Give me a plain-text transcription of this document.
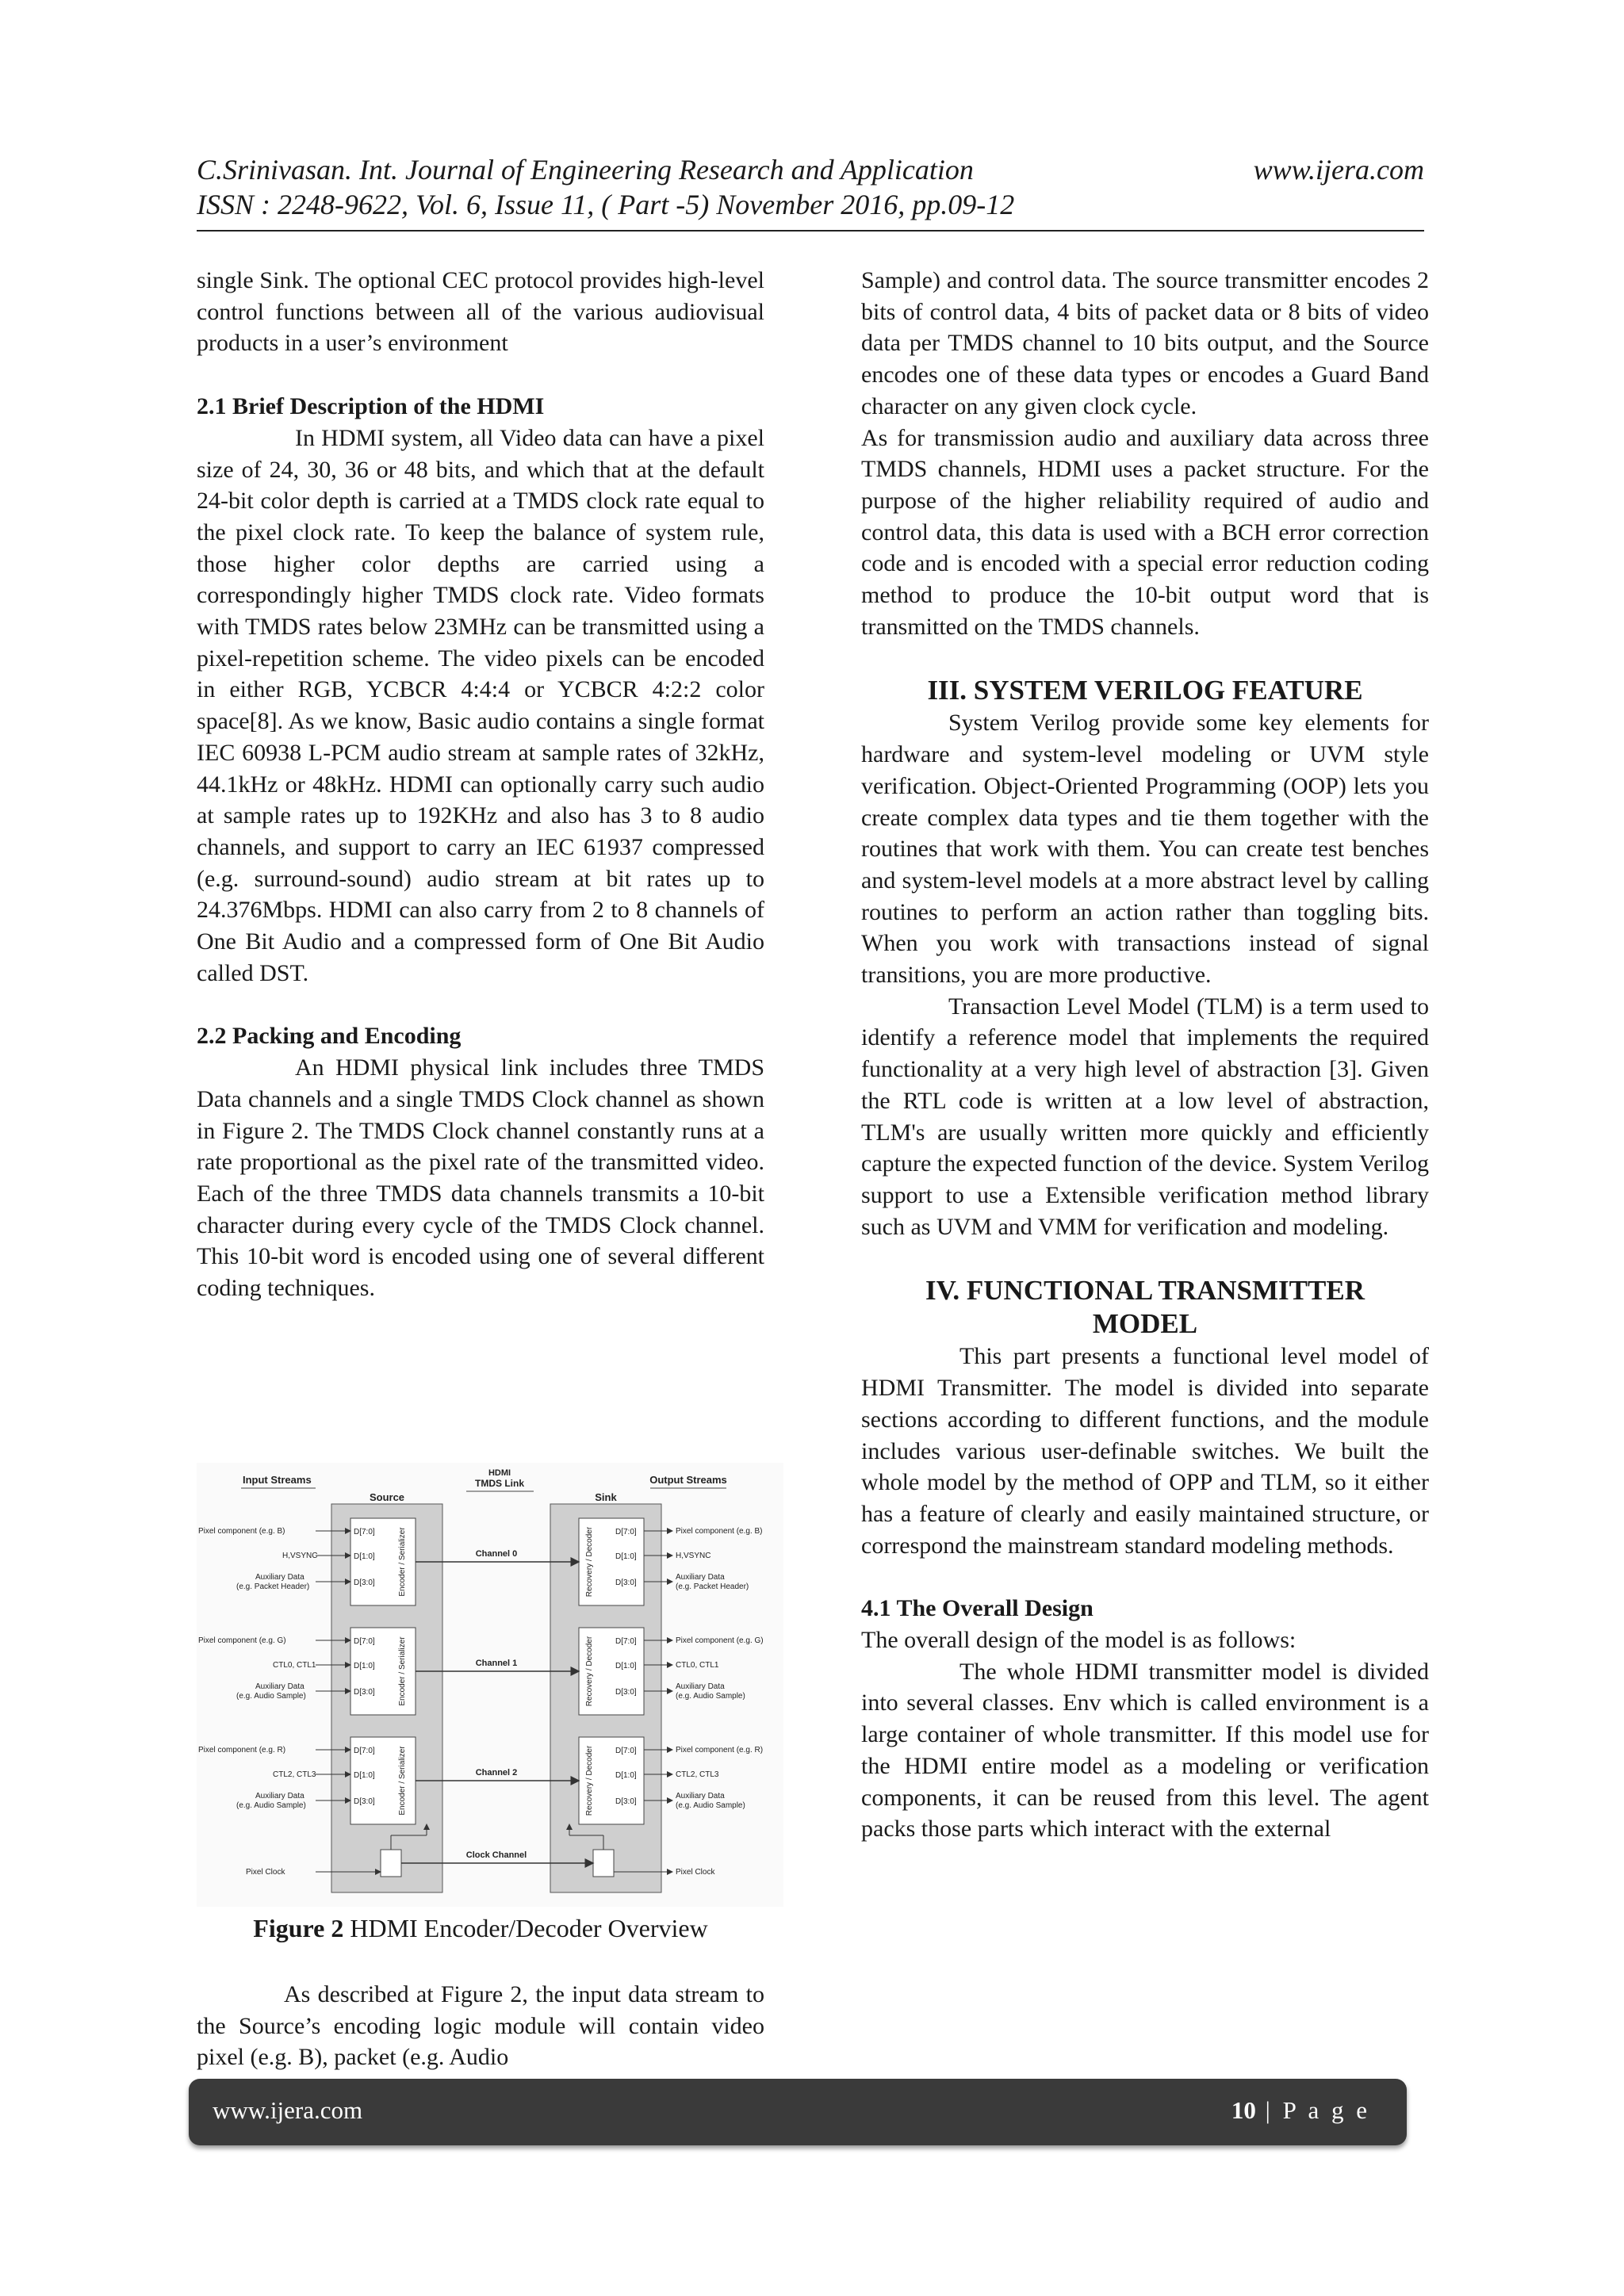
C.Srinivasan. Int. Journal of Engineering Research and Application	www.ijera.com
ISSN : 2248-9622, Vol. 6, Issue 11, ( Part -5) November 2016, pp.09-12

single Sink. The optional CEC protocol provides high-level control functions between all of the various audiovisual products in a user’s environment

2.1 Brief Description of the HDMI

In HDMI system, all Video data can have a pixel size of 24, 30, 36 or 48 bits, and which that at the default 24-bit color depth is carried at a TMDS clock rate equal to the pixel clock rate. To keep the balance of system rule, those higher color depths are carried using a correspondingly higher TMDS clock rate. Video formats with TMDS rates below 23MHz can be transmitted using a pixel-repetition scheme. The video pixels can be encoded in either RGB, YCBCR 4:4:4 or YCBCR 4:2:2 color space[8]. As we know, Basic audio contains a single format IEC 60938 L-PCM audio stream at sample rates of 32kHz, 44.1kHz or 48kHz. HDMI can optionally carry such audio at sample rates up to 192KHz and also has 3 to 8 audio channels, and support to carry an IEC 61937 compressed (e.g. surround-sound) audio stream at bit rates up to 24.376Mbps. HDMI can also carry from 2 to 8 channels of One Bit Audio and a compressed form of One Bit Audio called DST.

2.2 Packing and Encoding

An HDMI physical link includes three TMDS Data channels and a single TMDS Clock channel as shown in Figure 2. The TMDS Clock channel constantly runs at a rate proportional as the pixel rate of the transmitted video. Each of the three TMDS data channels transmits a 10-bit character during every cycle of the TMDS Clock channel. This 10-bit word is encoded using one of several different coding techniques.

Input Streams
HDMI
TMDS Link	Output Streams
Source	Sink
Pixel component (e.g. B)
H,VSYNC
Auxiliary Data
(e.g. Packet Header)
D[7:0]
D[1:0]
D[3:0]	Encoder / Serializer	Channel 0	Recovery / Decoder	D[7:0]
D[1:0]
D[3:0]
Pixel component (e.g. B)
H,VSYNC
Auxiliary Data
(e.g. Packet Header)
Pixel component (e.g. G)
CTL0, CTL1
Auxiliary Data
(e.g. Audio Sample)
D[7:0]
D[1:0]
D[3:0]	Encoder / Serializer	Channel 1	Recovery / Decoder	D[7:0]
D[1:0]
D[3:0]
Pixel component (e.g. G)
CTL0, CTL1
Auxiliary Data
(e.g. Audio Sample)
Pixel component (e.g. R)
CTL2, CTL3
Auxiliary Data
(e.g. Audio Sample)
D[7:0]
D[1:0]
D[3:0]	Encoder / Serializer	Channel 2	Recovery / Decoder	D[7:0]
D[1:0]
D[3:0]
Pixel component (e.g. R)
CTL2, CTL3
Auxiliary Data
(e.g. Audio Sample)
Pixel Clock
Clock Channel
Pixel Clock
Figure 2 HDMI Encoder/Decoder Overview

As described at Figure 2, the input data stream to the Source’s encoding logic module will contain video pixel (e.g. B), packet (e.g. Audio

Sample) and control data. The source transmitter encodes 2 bits of control data, 4 bits of packet data or 8 bits of video data per TMDS channel to 10 bits output, and the Source encodes one of these data types or encodes a Guard Band character on any given clock cycle.

As for transmission audio and auxiliary data across three TMDS channels, HDMI uses a packet structure. For the purpose of the higher reliability required of audio and control data, this data is used with a BCH error correction code and is encoded with a special error reduction coding method to produce the 10-bit output word that is transmitted on the TMDS channels.

III. SYSTEM VERILOG FEATURE

System Verilog provide some key elements for hardware and system-level modeling or UVM style verification. Object-Oriented Programming (OOP) lets you create complex data types and tie them together with the routines that work with them. You can create test benches and system-level models at a more abstract level by calling routines to perform an action rather than toggling bits. When you work with transactions instead of signal transitions, you are more productive.

Transaction Level Model (TLM) is a term used to identify a reference model that implements the required functionality at a very high level of abstraction [3]. Given the RTL code is written at a low level of abstraction, TLM's are usually written more quickly and efficiently capture the expected function of the device. System Verilog support to use a Extensible verification method library such as UVM and VMM for verification and modeling.

IV. FUNCTIONAL TRANSMITTER

MODEL

This part presents a functional level model of HDMI Transmitter. The model is divided into separate sections according to different functions, and the module includes various user-definable switches. We built the whole model by the method of OPP and TLM, so it either has a feature of clearly and easily maintained structure, or correspond the mainstream standard modeling methods.

4.1 The Overall Design

The overall design of the model is as follows:

The whole HDMI transmitter model is divided into several classes. Env which is called environment is a large container of whole transmitter. If this model use for the HDMI entire model as a modeling or verification components, it can be reused from this level. The agent packs those parts which interact with the external

www.ijera.com	10 | P a g e
